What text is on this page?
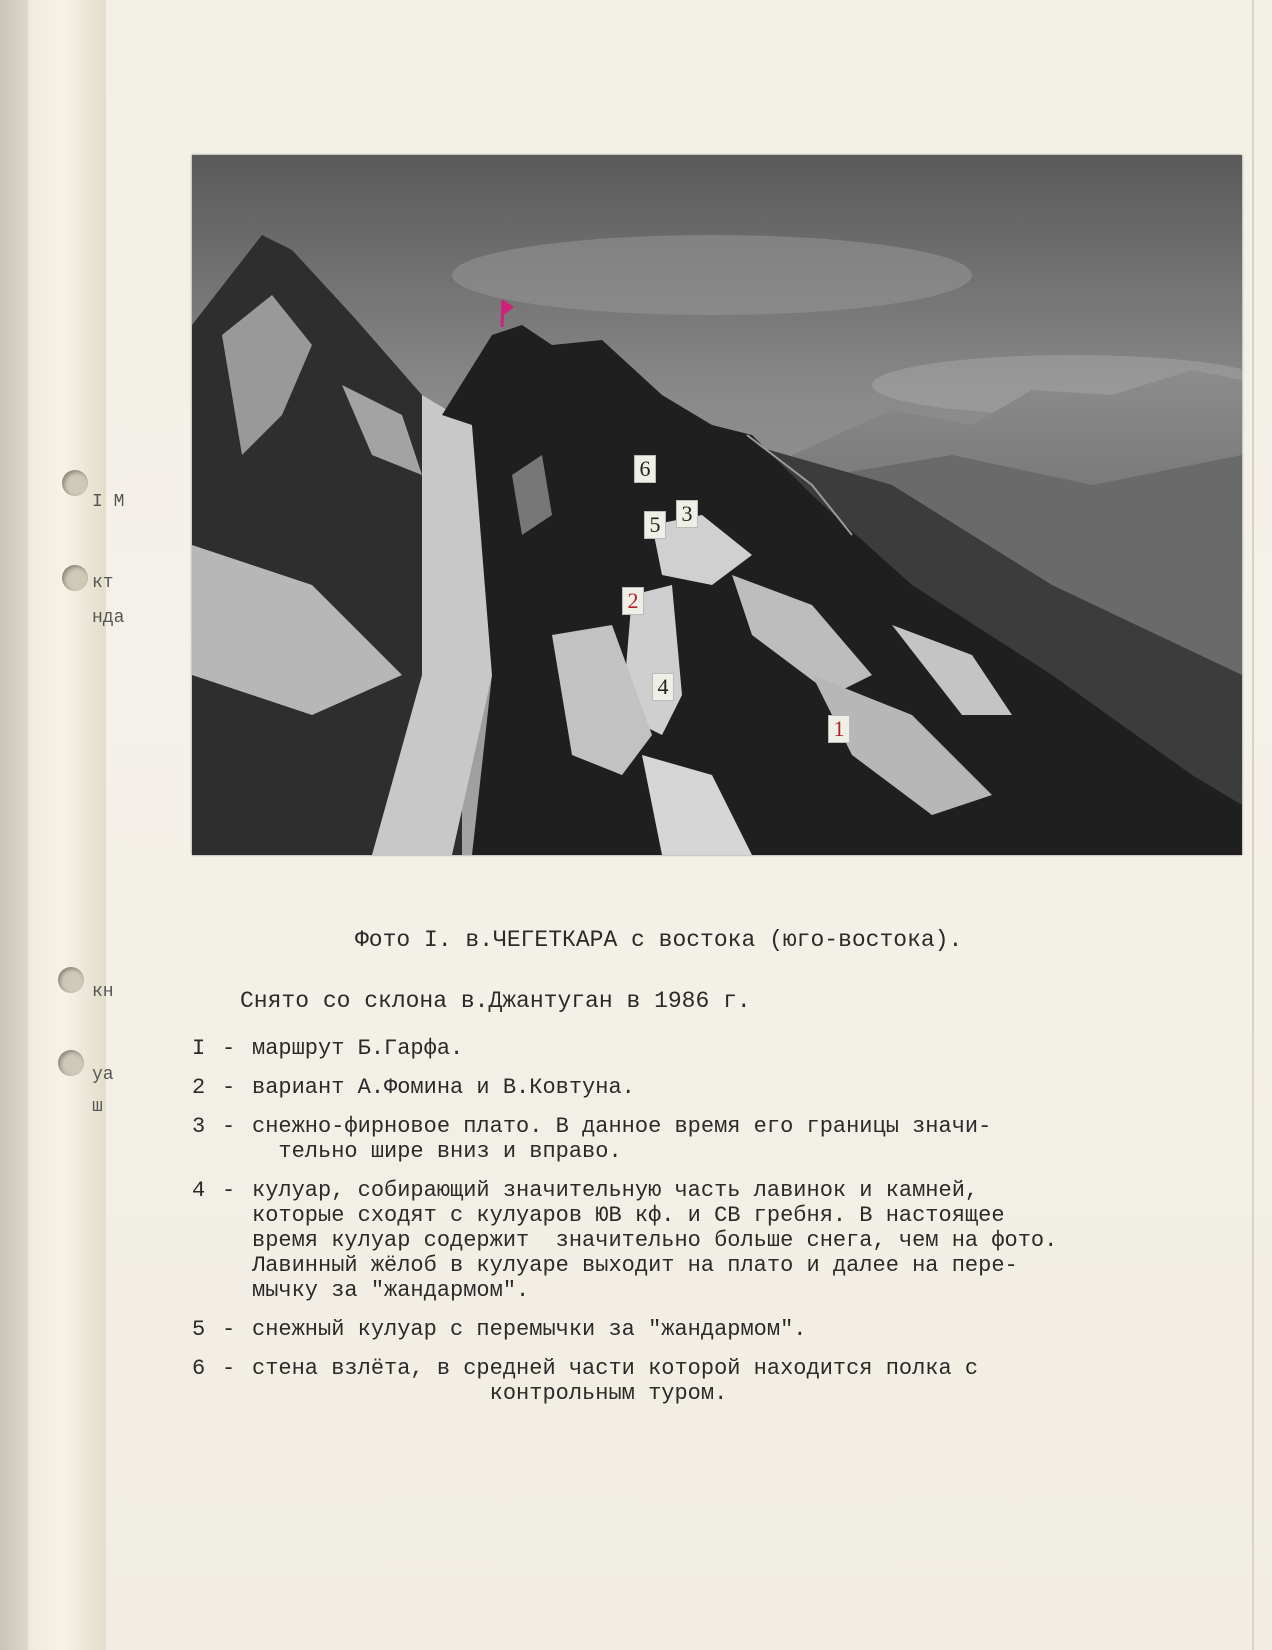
I M
кт
нда
кн
уа
ш
1
2
3
4
5
6
Фото I. в.ЧЕГЕТКАРА с востока (юго-востока).
Снято со склона в.Джантуган в 1986 г.
I - маршрут Б.Гарфа.
2 - вариант А.Фомина и В.Ковтуна.
3 - снежно-фирновое плато. В данное время его границы значи-
тельно шире вниз и вправо.
4 - кулуар, собирающий значительную часть лавинок и камней,
которые сходят с кулуаров ЮВ кф. и СВ гребня. В настоящее
время кулуар содержит  значительно больше снега, чем на фото.
Лавинный жёлоб в кулуаре выходит на плато и далее на пере-
мычку за "жандармом".
5 - снежный кулуар с перемычки за "жандармом".
6 - стена взлёта, в средней части которой находится полка с
контрольным туром.
